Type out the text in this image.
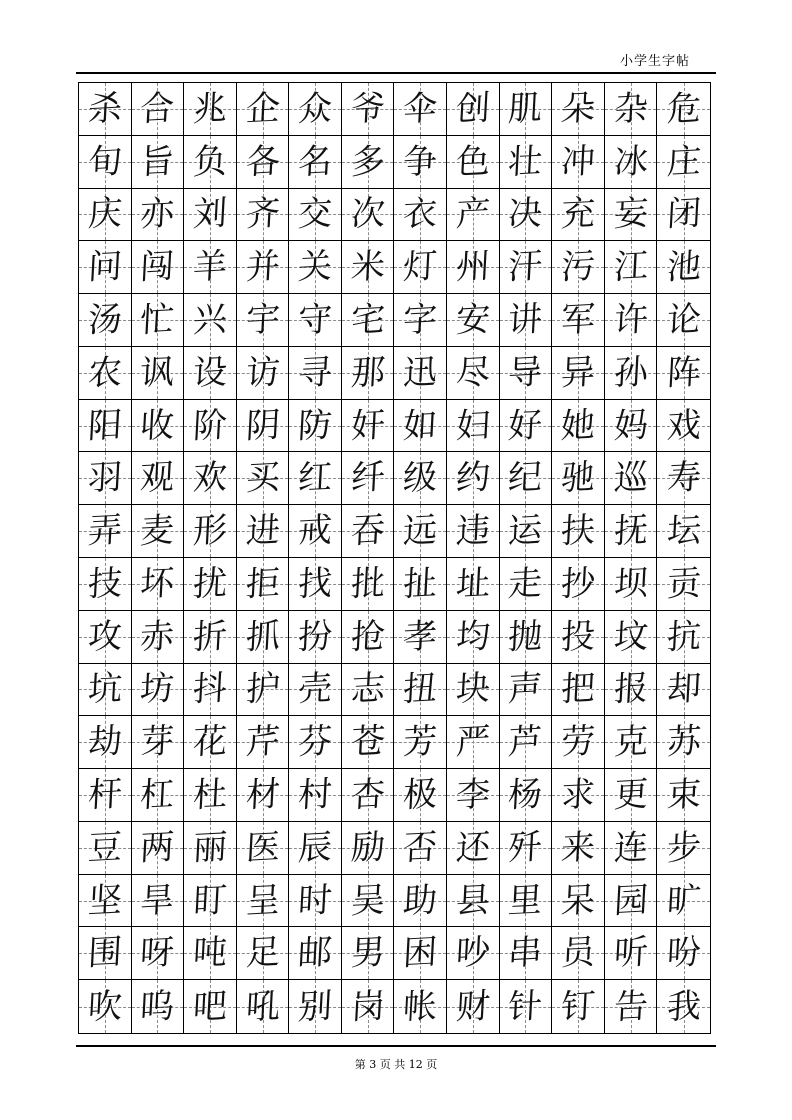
小学生字帖
杀 合 兆 企 众 爷 伞 创 肌 朵 杂 危
旬 旨 负 各 名 多 争 色 壮 冲 冰 庄
庆 亦 刘 齐 交 次 衣 产 决 充 妄 闭
问 闯 羊 并 关 米 灯 州 汗 污 江 池
汤 忙 兴 宇 守 宅 字 安 讲 军 许 论
农 讽 设 访 寻 那 迅 尽 导 异 孙 阵
阳 收 阶 阴 防 奸 如 妇 好 她 妈 戏
羽 观 欢 买 红 纤 级 约 纪 驰 巡 寿
弄 麦 形 进 戒 吞 远 违 运 扶 抚 坛
技 坏 扰 拒 找 批 扯 址 走 抄 坝 贡
攻 赤 折 抓 扮 抢 孝 均 抛 投 坟 抗
坑 坊 抖 护 壳 志 扭 块 声 把 报 却
劫 芽 花 芹 芬 苍 芳 严 芦 劳 克 苏
杆 杠 杜 材 村 杏 极 李 杨 求 更 束
豆 两 丽 医 辰 励 否 还 歼 来 连 步
坚 旱 盯 呈 时 吴 助 县 里 呆 园 旷
围 呀 吨 足 邮 男 困 吵 串 员 听 吩
吹 呜 吧 吼 别 岗 帐 财 针 钉 告 我
第 3 页 共 12 页
